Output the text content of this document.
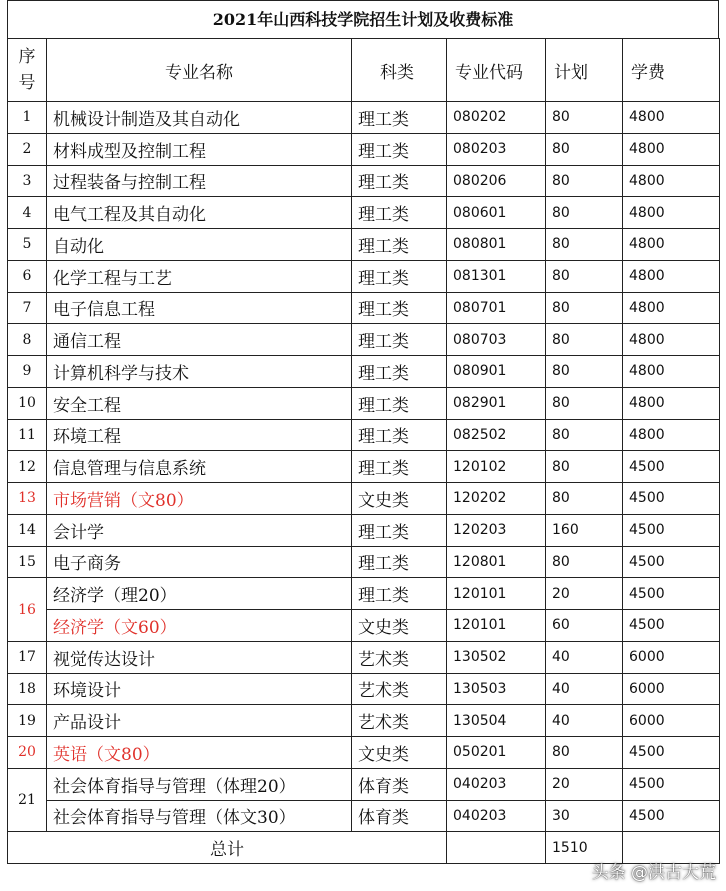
2021年山西科技学院招生计划及收费标准
序号	专业名称	科类	专业代码	计划	学费
1	机械设计制造及其自动化	理工类	080202	80	4800
2	材料成型及控制工程	理工类	080203	80	4800
3	过程装备与控制工程	理工类	080206	80	4800
4	电气工程及其自动化	理工类	080601	80	4800
5	自动化	理工类	080801	80	4800
6	化学工程与工艺	理工类	081301	80	4800
7	电子信息工程	理工类	080701	80	4800
8	通信工程	理工类	080703	80	4800
9	计算机科学与技术	理工类	080901	80	4800
10	安全工程	理工类	082901	80	4800
11	环境工程	理工类	082502	80	4800
12	信息管理与信息系统	理工类	120102	80	4500
13	市场营销（文80）	文史类	120202	80	4500
14	会计学	理工类	120203	160	4500
15	电子商务	理工类	120801	80	4500
16	经济学（理20）	理工类	120101	20	4500
	经济学（文60）	文史类	120101	60	4500
17	视觉传达设计	艺术类	130502	40	6000
18	环境设计	艺术类	130503	40	6000
19	产品设计	艺术类	130504	40	6000
20	英语（文80）	文史类	050201	80	4500
21	社会体育指导与管理（体理20）	体育类	040203	20	4500
	社会体育指导与管理（体文30）	体育类	040203	30	4500
总计				1510	
头条 @洪古大荒
